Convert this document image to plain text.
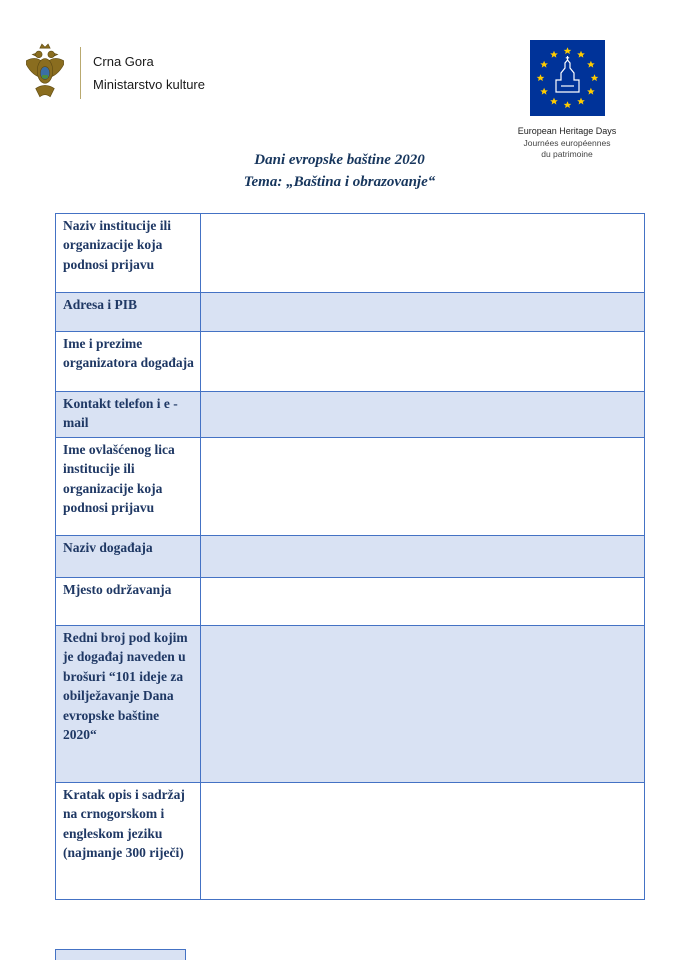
Crna Gora
Ministarstvo kulture
European Heritage Days
Journées européennes
du patrimoine
Dani evropske baštine 2020
Tema: „Baština i obrazovanje“
Naziv institucije ili organizacije koja podnosi prijavu	
Adresa i PIB	
Ime i prezime organizatora događaja	
Kontakt telefon i e - mail	
Ime ovlašćenog lica institucije ili organizacije koja podnosi prijavu	
Naziv događaja	
Mjesto održavanja	
Redni broj pod kojim je događaj naveden u brošuri “101 ideje za obilježavanje Dana evropske baštine 2020“	
Kratak opis i sadržaj na crnogorskom i engleskom jeziku (najmanje 300 riječi)	
